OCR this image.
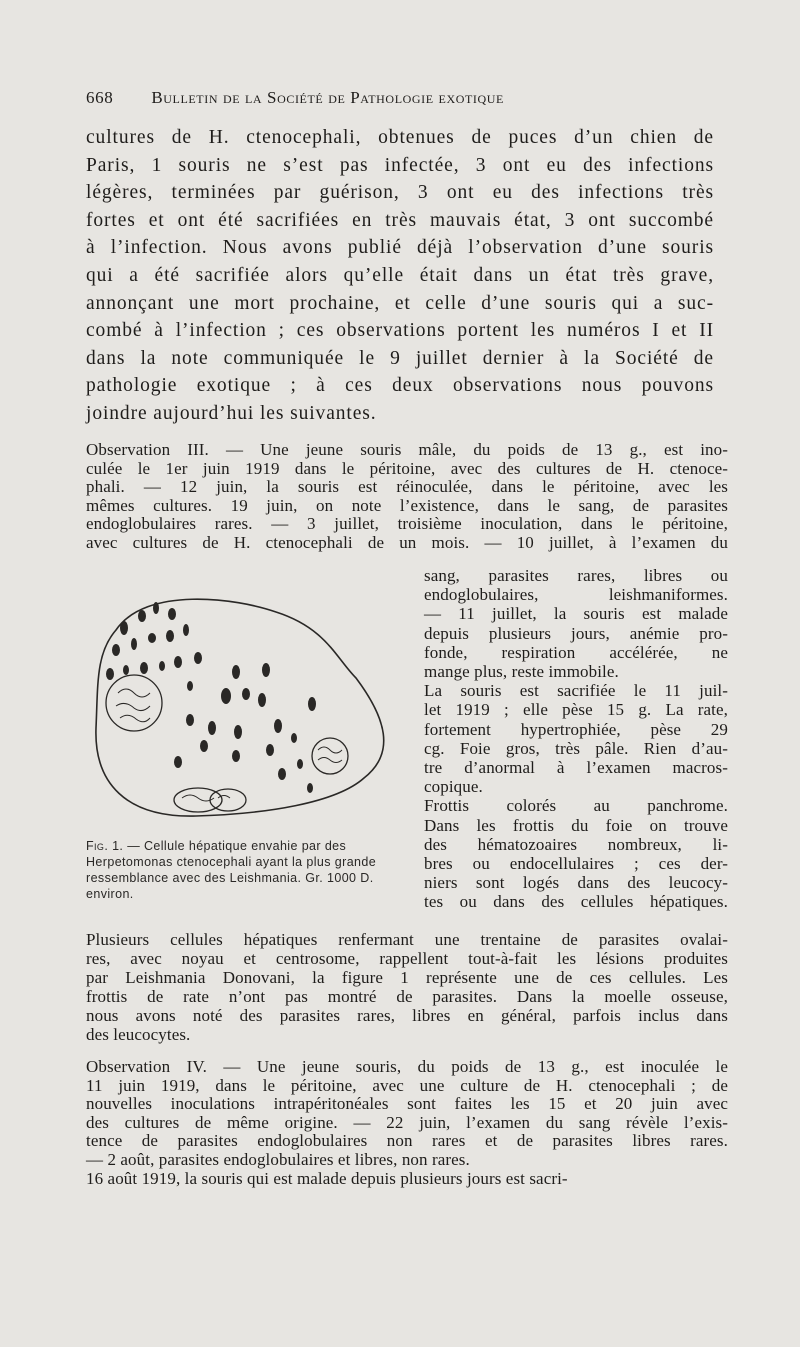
668 Bulletin de la Société de Pathologie exotique
cultures de H. ctenocephali, obtenues de puces d’un chien de
Paris, 1 souris ne s’est pas infectée, 3 ont eu des infections
légères, terminées par guérison, 3 ont eu des infections très
fortes et ont été sacrifiées en très mauvais état, 3 ont succombé
à l’infection. Nous avons publié déjà l’observation d’une souris
qui a été sacrifiée alors qu’elle était dans un état très grave,
annonçant une mort prochaine, et celle d’une souris qui a suc-
combé à l’infection ; ces observations portent les numéros I et II
dans la note communiquée le 9 juillet dernier à la Société de
pathologie exotique ; à ces deux observations nous pouvons
joindre aujourd’hui les suivantes.
Observation III. — Une jeune souris mâle, du poids de 13 g., est ino-
culée le 1er juin 1919 dans le péritoine, avec des cultures de H. ctenoce-
phali. — 12 juin, la souris est réinoculée, dans le péritoine, avec les
mêmes cultures. 19 juin, on note l’existence, dans le sang, de parasites
endoglobulaires rares. — 3 juillet, troisième inoculation, dans le péritoine,
avec cultures de H. ctenocephali de un mois. — 10 juillet, à l’examen du
sang, parasites rares, libres ou
endoglobulaires, leishmaniformes.
— 11 juillet, la souris est malade
depuis plusieurs jours, anémie pro-
fonde, respiration accélérée, ne
mange plus, reste immobile.
La souris est sacrifiée le 11 juil-
let 1919 ; elle pèse 15 g. La rate,
fortement hypertrophiée, pèse 29
cg. Foie gros, très pâle. Rien d’au-
tre d’anormal à l’examen macros-
copique.
Frottis colorés au panchrome.
Dans les frottis du foie on trouve
des hématozoaires nombreux, li-
bres ou endocellulaires ; ces der-
niers sont logés dans des leucocy-
tes ou dans des cellules hépatiques.
Plusieurs cellules hépatiques renfermant une trentaine de parasites ovalai-
res, avec noyau et centrosome, rappellent tout-à-fait les lésions produites
par Leishmania Donovani, la figure 1 représente une de ces cellules. Les
frottis de rate n’ont pas montré de parasites. Dans la moelle osseuse,
nous avons noté des parasites rares, libres en général, parfois inclus dans
des leucocytes.
Observation IV. — Une jeune souris, du poids de 13 g., est inoculée le
11 juin 1919, dans le péritoine, avec une culture de H. ctenocephali ; de
nouvelles inoculations intrapéritonéales sont faites les 15 et 20 juin avec
des cultures de même origine. — 22 juin, l’examen du sang révèle l’exis-
tence de parasites endoglobulaires non rares et de parasites libres rares.
— 2 août, parasites endoglobulaires et libres, non rares.
16 août 1919, la souris qui est malade depuis plusieurs jours est sacri-
Fig. 1. — Cellule hépatique envahie par des Herpetomonas ctenocephali ayant la plus grande ressemblance avec des Leishmania. Gr. 1000 D. environ.
